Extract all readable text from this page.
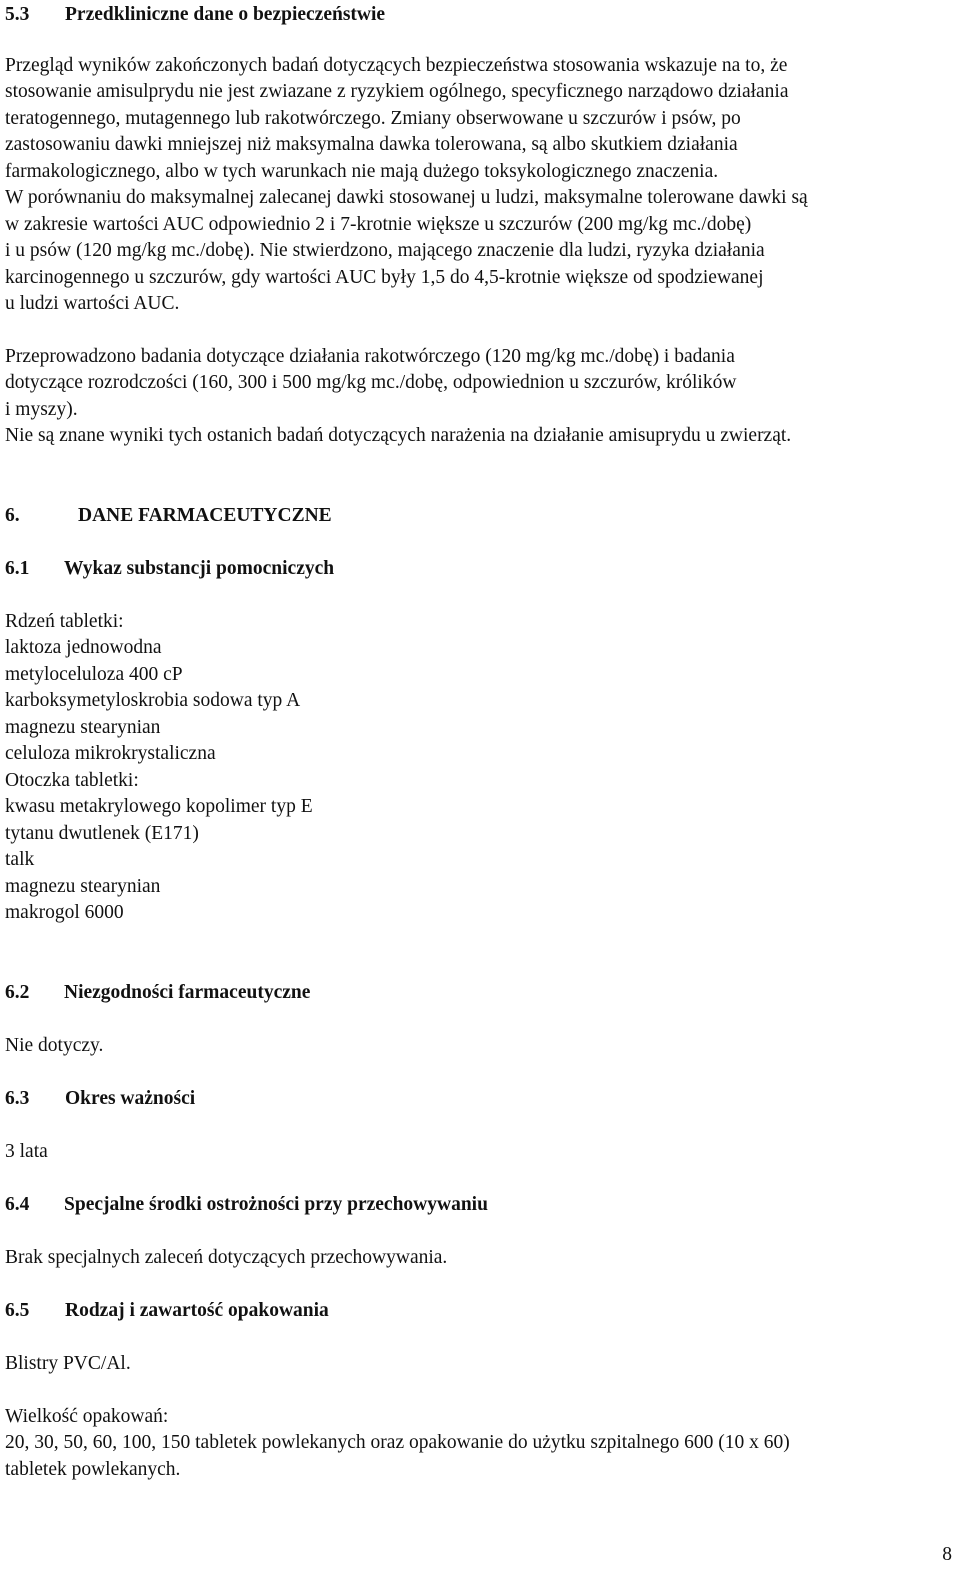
5.3 Przedkliniczne dane o bezpieczeństwie
Przegląd wyników zakończonych badań dotyczących bezpieczeństwa stosowania wskazuje na to, że
stosowanie amisulprydu nie jest zwiazane z ryzykiem ogólnego, specyficznego narządowo działania
teratogennego, mutagennego lub rakotwórczego. Zmiany obserwowane u szczurów i psów, po
zastosowaniu dawki mniejszej niż maksymalna dawka tolerowana, są albo skutkiem działania
farmakologicznego, albo w tych warunkach nie mają dużego toksykologicznego znaczenia.
W porównaniu do maksymalnej zalecanej dawki stosowanej u ludzi, maksymalne tolerowane dawki są
w zakresie wartości AUC odpowiednio 2 i 7-krotnie większe u szczurów (200 mg/kg mc./dobę)
i u psów (120 mg/kg mc./dobę). Nie stwierdzono, mającego znaczenie dla ludzi, ryzyka działania
karcinogennego u szczurów, gdy wartości AUC były 1,5 do 4,5-krotnie większe od spodziewanej
u ludzi wartości AUC.
Przeprowadzono badania dotyczące działania rakotwórczego (120 mg/kg mc./dobę) i badania
dotyczące rozrodczości (160, 300 i 500 mg/kg mc./dobę, odpowiednion u szczurów, królików
i myszy).
Nie są znane wyniki tych ostanich badań dotyczących narażenia na działanie amisuprydu u zwierząt.
6.	DANE FARMACEUTYCZNE
6.1 Wykaz substancji pomocniczych
Rdzeń tabletki:
laktoza jednowodna
metyloceluloza 400 cP
karboksymetyloskrobia sodowa typ A
magnezu stearynian
celuloza mikrokrystaliczna
Otoczka tabletki:
kwasu metakrylowego kopolimer typ E
tytanu dwutlenek (E171)
talk
magnezu stearynian
makrogol 6000
6.2 Niezgodności farmaceutyczne
Nie dotyczy.
6.3 Okres ważności
3 lata
6.4 Specjalne środki ostrożności przy przechowywaniu
Brak specjalnych zaleceń dotyczących przechowywania.
6.5 Rodzaj i zawartość opakowania
Blistry PVC/Al.
Wielkość opakowań:
20, 30, 50, 60, 100, 150 tabletek powlekanych oraz opakowanie do użytku szpitalnego 600 (10 x 60)
tabletek powlekanych.
8
